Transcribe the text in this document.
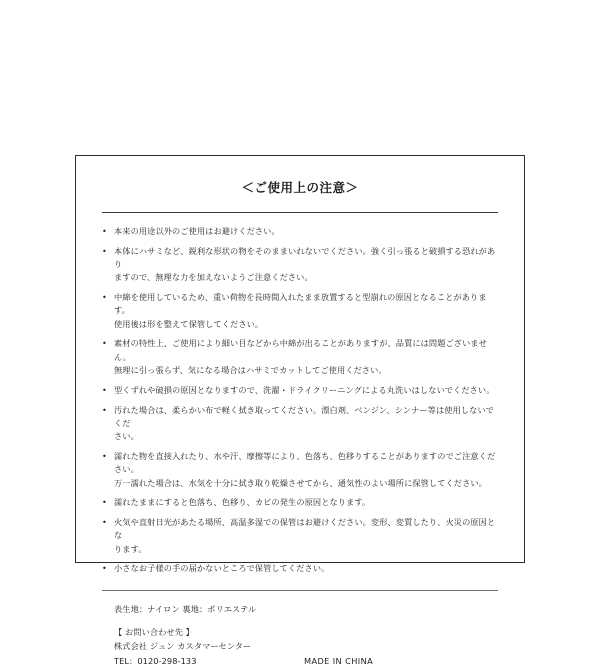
＜ご使用上の注意＞
• 本来の用途以外のご使用はお避けください。
• 本体にハサミなど、鋭利な形状の物をそのままいれないでください。強く引っ張ると破損する恐れがあり
ますので、無理な力を加えないようご注意ください。
• 中綿を使用しているため、重い荷物を長時間入れたまま放置すると型崩れの原因となることがあります。
使用後は形を整えて保管してください。
• 素材の特性上、ご使用により細い目などから中綿が出ることがありますが、品質には問題ございません。
無理に引っ張らず、気になる場合はハサミでカットしてご使用ください。
• 型くずれや破損の原因となりますので、洗濯・ドライクリーニングによる丸洗いはしないでください。
• 汚れた場合は、柔らかい布で軽く拭き取ってください。漂白剤、ベンジン、シンナー等は使用しないでくだ
さい。
• 濡れた物を直接入れたり、水や汗、摩擦等により、色落ち、色移りすることがありますのでご注意ください。
万一濡れた場合は、水気を十分に拭き取り乾燥させてから、通気性のよい場所に保管してください。
• 濡れたままにすると色落ち、色移り、カビの発生の原因となります。
• 火気や直射日光があたる場所、高温多湿での保管はお避けください。変形、変質したり、火災の原因とな
ります。
• 小さなお子様の手の届かないところで保管してください。
表生地：ナイロン 裏地：ポリエステル
【 お問い合わせ先 】
株式会社 ジュン カスタマーセンター
TEL：0120-298-133	MADE IN CHINA
